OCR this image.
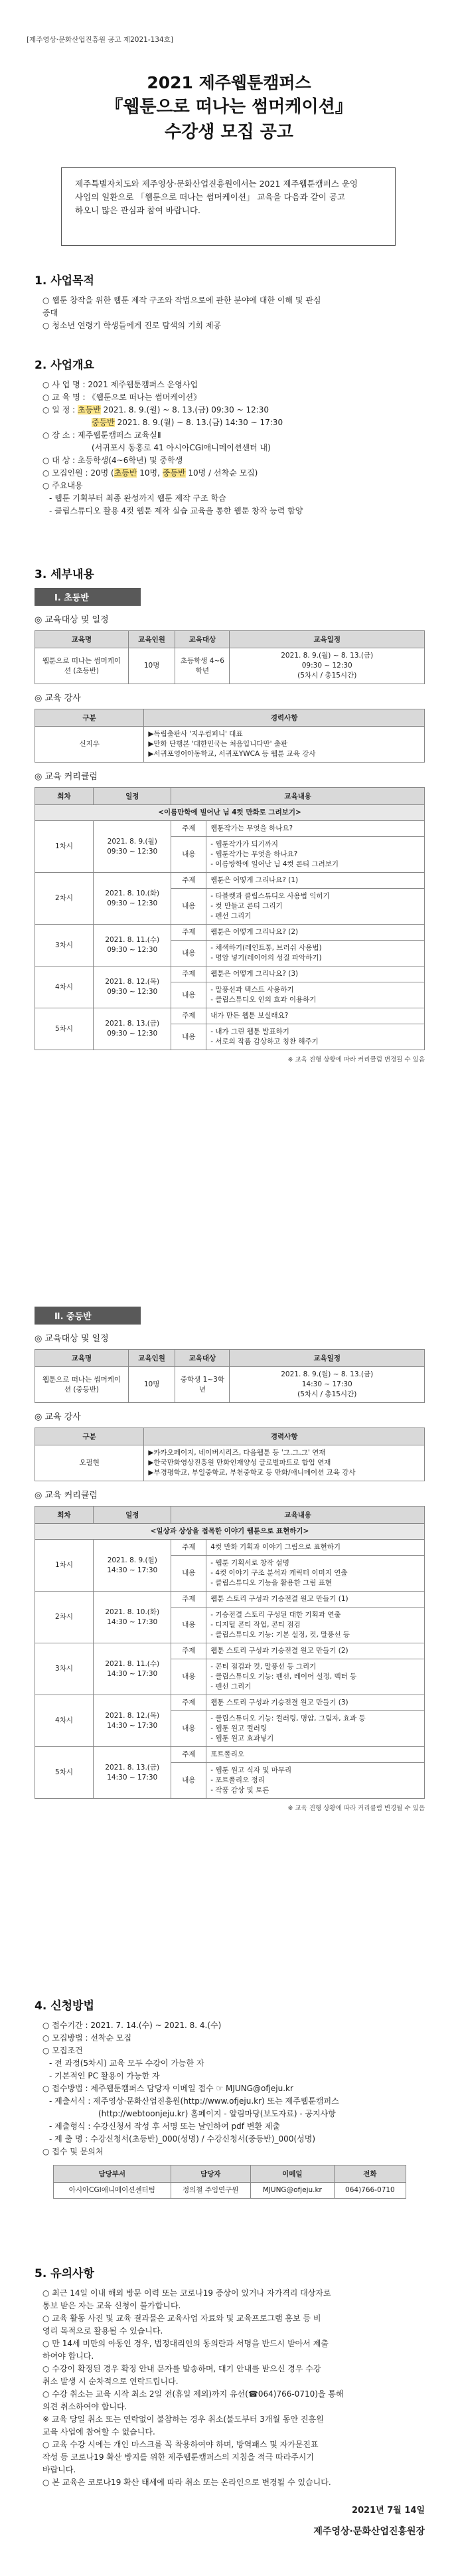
[제주영상·문화산업진흥원 공고 제2021-134호]
2021 제주웹툰캠퍼스
『웹툰으로 떠나는 썸머케이션』
수강생 모집 공고
제주특별자치도와 제주영상·문화산업진흥원에서는 2021 제주웹툰캠퍼스 운영
사업의 일환으로 「웹툰으로 떠나는 썸머케이션」 교육을 다음과 같이 공고
하오니 많은 관심과 참여 바랍니다.
1. 사업목적
○ 웹툰 창작을 위한 웹툰 제작 구조와 작법으로에 관한 분야에 대한 이해 및 관심
증대
○ 청소년 연령기 학생들에게 진로 탐색의 기회 제공
2. 사업개요
○ 사 업 명 : 2021 제주웹툰캠퍼스 운영사업
○ 교 육 명 : 《웹툰으로 떠나는 썸머케이션》
○ 일 정 : 초등반 2021. 8. 9.(월) ~ 8. 13.(금) 09:30 ~ 12:30
중등반 2021. 8. 9.(월) ~ 8. 13.(금) 14:30 ~ 17:30
○ 장 소 : 제주웹툰캠퍼스 교육실Ⅱ
(서귀포시 동홍로 41 아시아CGI애니메이션센터 내)
○ 대 상 : 초등학생(4~6학년) 및 중학생
○ 모집인원 : 20명 (초등반 10명, 중등반 10명 / 선착순 모집)
○ 주요내용
- 웹툰 기획부터 최종 완성까지 웹툰 제작 구조 학습
- 클립스튜디오 활용 4컷 웹툰 제작 실습 교육을 통한 웹툰 창작 능력 함양
3. 세부내용
Ⅰ. 초등반
◎ 교육대상 및 일정
교육명	교육인원	교육대상	교육일정
웹툰으로 떠나는 썸머케이션 (초등반)	10명	초등학생 4~6학년	2021. 8. 9.(월) ~ 8. 13.(금)
09:30 ~ 12:30
(5차시 / 총15시간)
◎ 교육 강사
구분	경력사항
신지우	▶독립출판사 '지우컴퍼니' 대표
▶만화 단행본 '대한민국는 처음입니다만' 출판
▶서귀포영어아동학교, 서귀포YWCA 등 웹툰 교육 강사
◎ 교육 커리큘럼
회차	일정	교육내용	
<이름만학에 빌어난 님 4컷 만화로 그려보기>			
1차시	2021. 8. 9.(월)
09:30 ~ 12:30	주제	웹툰작가는 무엇을 하나요?
		내용	- 웹툰작가가 되기까지
- 웹툰작가는 무엇을 하나요?
- 이름방학에 일어난 님 4컷 콘티 그려보기
2차시	2021. 8. 10.(화)
09:30 ~ 12:30	주제	웹툰은 어떻게 그리나요? (1)
		내용	- 타블렛과 클립스튜디오 사용법 익히기
- 컷 만들고 콘티 그리기
- 펜선 그리기
3차시	2021. 8. 11.(수)
09:30 ~ 12:30	주제	웹툰은 어떻게 그리나요? (2)
		내용	- 채색하기(레인트통, 브러쉬 사용법)
- 명암 넣기(레이어의 성질 파악하기)
4차시	2021. 8. 12.(목)
09:30 ~ 12:30	주제	웹툰은 어떻게 그리나요? (3)
		내용	- 말풍선과 텍스트 사용하기
- 클립스튜디오 인의 효과 이용하기
5차시	2021. 8. 13.(금)
09:30 ~ 12:30	주제	내가 만든 웹툰 보실래요?
		내용	- 내가 그린 웹툰 발표하기
- 서로의 작품 감상하고 칭찬 해주기
※ 교육 진행 상황에 따라 커리큘럼 변경될 수 있음
Ⅱ. 중등반
◎ 교육대상 및 일정
교육명	교육인원	교육대상	교육일정
웹툰으로 떠나는 썸머케이션 (중등반)	10명	중학생 1~3학년	2021. 8. 9.(월) ~ 8. 13.(금)
14:30 ~ 17:30
(5차시 / 총15시간)
◎ 교육 강사
구분	경력사항
오필현	▶카카오페이지, 네이버시리즈, 다음웹툰 등 '그.그.그' 연재
▶한국만화영상진흥원 만화인재양성 글로벌파트로 합업 연재
▶부경평학교, 부일중학교, 부천중학교 등 만화/애니메이션 교육 강사
◎ 교육 커리큘럼
회차	일정	교육내용	
<일상과 상상을 접목한 이야기 웹툰으로 표현하기>			
1차시	2021. 8. 9.(월)
14:30 ~ 17:30	주제	4컷 만화 기획과 이야기 그림으로 표현하기
		내용	- 웹툰 기획서로 창작 설명
- 4컷 이야기 구조 분석과 캐릭터 이미지 연출
- 클립스튜디오 기능을 활용한 그림 표현
2차시	2021. 8. 10.(화)
14:30 ~ 17:30	주제	웹툰 스토리 구성과 기승전결 원고 만들기 (1)
		내용	- 기승전결 스토리 구성된 대한 기획과 연출
- 디지털 콘티 작업, 콘티 점검
- 클립스튜디오 기능: 기본 설정, 컷, 말풍선 등
3차시	2021. 8. 11.(수)
14:30 ~ 17:30	주제	웹툰 스토리 구성과 기승전결 원고 만들기 (2)
		내용	- 콘티 점검과 컷, 말풍선 등 그리기
- 클립스튜디오 기능: 펜선, 레이어 설정, 벡터 등
- 펜선 그리기
4차시	2021. 8. 12.(목)
14:30 ~ 17:30	주제	웹툰 스토리 구성과 기승전결 원고 만들기 (3)
		내용	- 클립스튜디오 기능: 컬러링, 명암, 그림자, 효과 등
- 웹툰 원고 컬러링
- 웹툰 원고 효과넣기
5차시	2021. 8. 13.(금)
14:30 ~ 17:30	주제	포트폴리오
		내용	- 웹툰 원고 식자 및 마무리
- 포트폴리오 정리
- 작품 감상 및 토론
※ 교육 진행 상황에 따라 커리큘럼 변경될 수 있음
4. 신청방법
○ 접수기간 : 2021. 7. 14.(수) ~ 2021. 8. 4.(수)
○ 모집방법 : 선착순 모집
○ 모집조건
- 전 과정(5차시) 교육 모두 수강이 가능한 자
- 기본적인 PC 활용이 가능한 자
○ 접수방법 : 제주웹툰캠퍼스 담당자 이메일 접수 ☞ MJUNG@ofjeju.kr
- 제출서식 : 제주영상·문화산업진흥원(http://www.ofjeju.kr) 또는 제주웹툰캠퍼스
(http://webtoonjeju.kr) 홈페이지 - 알림마당(보도자료) - 공지사항
- 제출형식 : 수강신청서 작성 후 서명 또는 날인하여 pdf 변환 제출
- 제 출 명 : 수강신청서(초등반)_000(성명) / 수강신청서(중등반)_000(성명)
○ 접수 및 문의처
담당부서	담당자	이메일	전화
아시아CGI애니메이션센터팀	정의철 주임연구원	MJUNG@ofjeju.kr	064)766-0710
5. 유의사항
○ 최근 14일 이내 해외 방문 이력 또는 코로나19 증상이 있거나 자가격리 대상자로
통보 받은 자는 교육 신청이 불가합니다.
○ 교육 활동 사진 및 교육 결과물은 교육사업 자료와 및 교육프로그램 홍보 등 비
영리 목적으로 활용될 수 있습니다.
○ 만 14세 미만의 아동인 경우, 법정대리인의 동의란과 서명을 반드시 받아서 제출
하여야 합니다.
○ 수강이 확정된 경우 확정 안내 문자를 발송하며, 대기 안내를 받으신 경우 수강
취소 발생 시 순차적으로 연락드립니다.
○ 수강 취소는 교육 시작 최소 2일 전(휴일 제외)까지 유선(☎064)766-0710)을 통해
의견 취소하여야 합니다.
※ 교육 당일 취소 또는 연락없이 불참하는 경우 취소(불도부터 3개월 동안 진흥원
교육 사업에 참여할 수 없습니다.
○ 교육 수강 시에는 개인 마스크를 꼭 착용하여야 하며, 방역패스 및 자가문진표
작성 등 코로나19 확산 방지를 위한 제주웹툰캠퍼스의 지침을 적극 따라주시기
바랍니다.
○ 본 교육은 코로나19 확산 태세에 따라 취소 또는 온라인으로 변경될 수 있습니다.
2021년 7월 14일
제주영상·문화산업진흥원장
